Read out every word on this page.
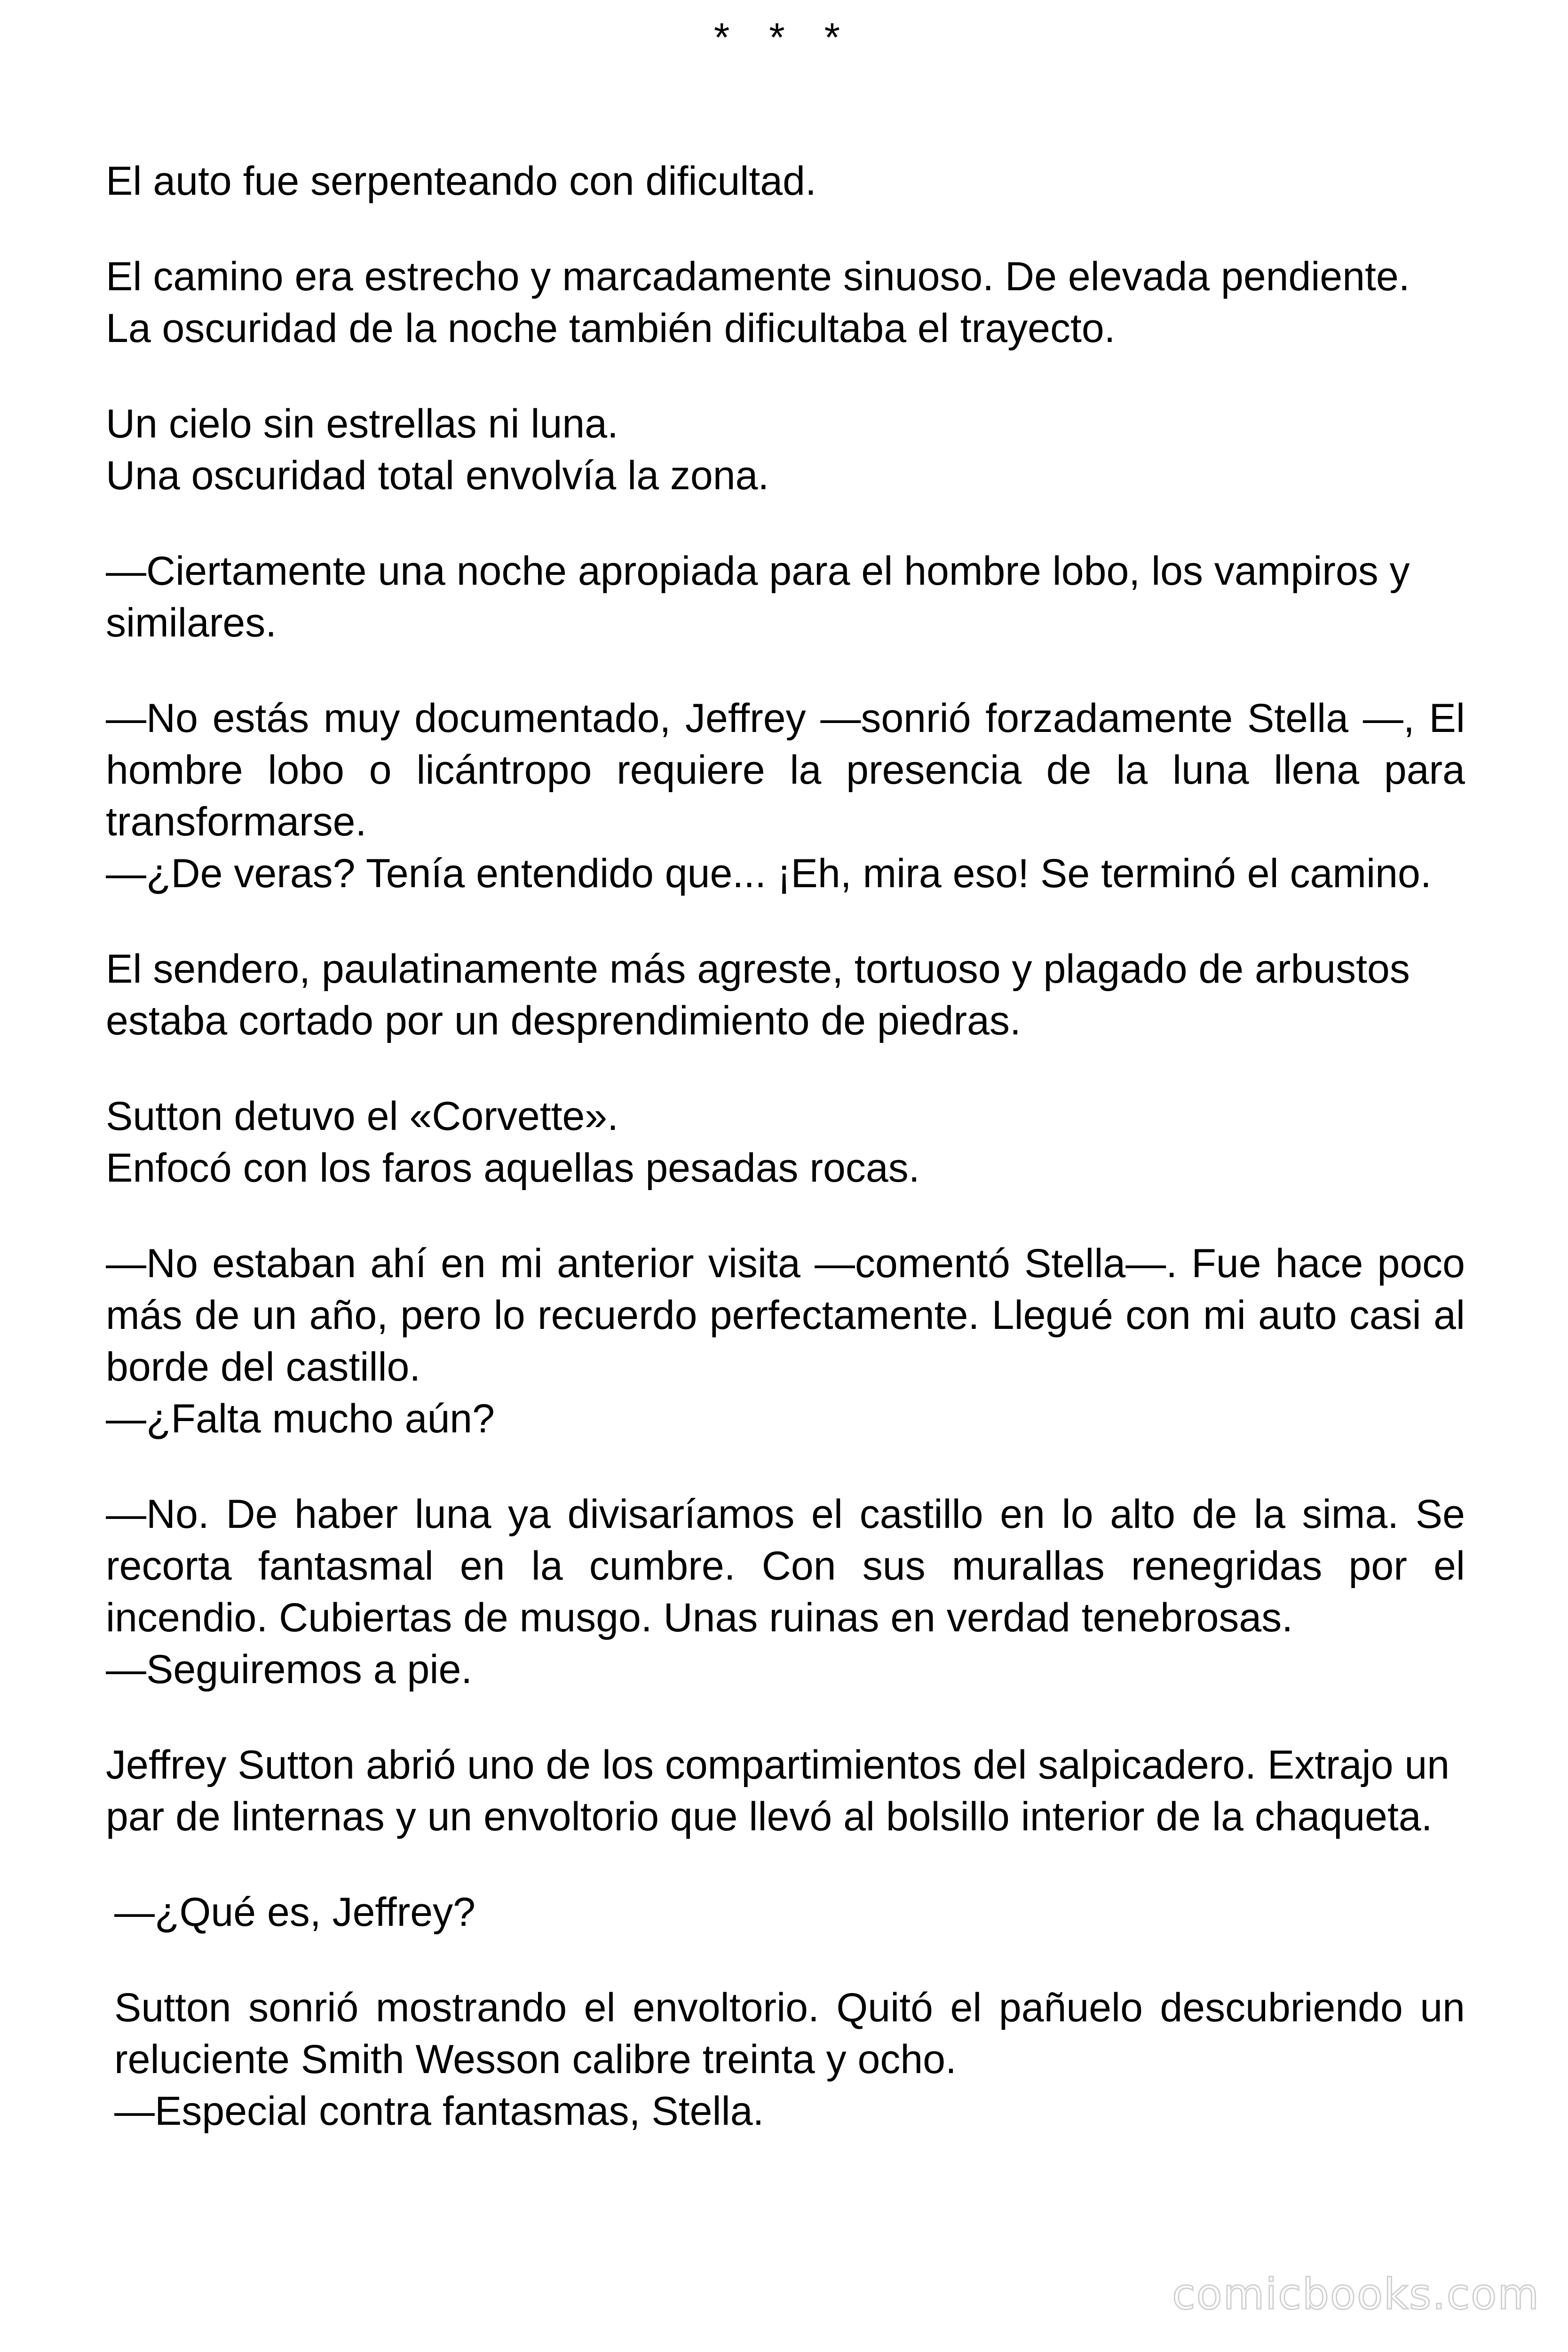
* * *

El auto fue serpenteando con dificultad.

El camino era estrecho y marcadamente sinuoso. De elevada pendiente. La oscuridad de la noche también dificultaba el trayecto.

Un cielo sin estrellas ni luna.
Una oscuridad total envolvía la zona.

—Ciertamente una noche apropiada para el hombre lobo, los vampiros y similares.

—No estás muy documentado, Jeffrey —sonrió forzadamente Stella —, El hombre lobo o licántropo requiere la presencia de la luna llena para transformarse.
—¿De veras? Tenía entendido que... ¡Eh, mira eso! Se terminó el camino.

El sendero, paulatinamente más agreste, tortuoso y plagado de arbustos estaba cortado por un desprendimiento de piedras.

Sutton detuvo el «Corvette».
Enfocó con los faros aquellas pesadas rocas.

—No estaban ahí en mi anterior visita —comentó Stella—. Fue hace poco más de un año, pero lo recuerdo perfectamente. Llegué con mi auto casi al borde del castillo.
—¿Falta mucho aún?

—No. De haber luna ya divisaríamos el castillo en lo alto de la sima. Se recorta fantasmal en la cumbre. Con sus murallas renegridas por el incendio. Cubiertas de musgo. Unas ruinas en verdad tenebrosas.
—Seguiremos a pie.

Jeffrey Sutton abrió uno de los compartimientos del salpicadero. Extrajo un par de linternas y un envoltorio que llevó al bolsillo interior de la chaqueta.

—¿Qué es, Jeffrey?

Sutton sonrió mostrando el envoltorio. Quitó el pañuelo descubriendo un reluciente Smith Wesson calibre treinta y ocho.
—Especial contra fantasmas, Stella.

comicbooks.com
